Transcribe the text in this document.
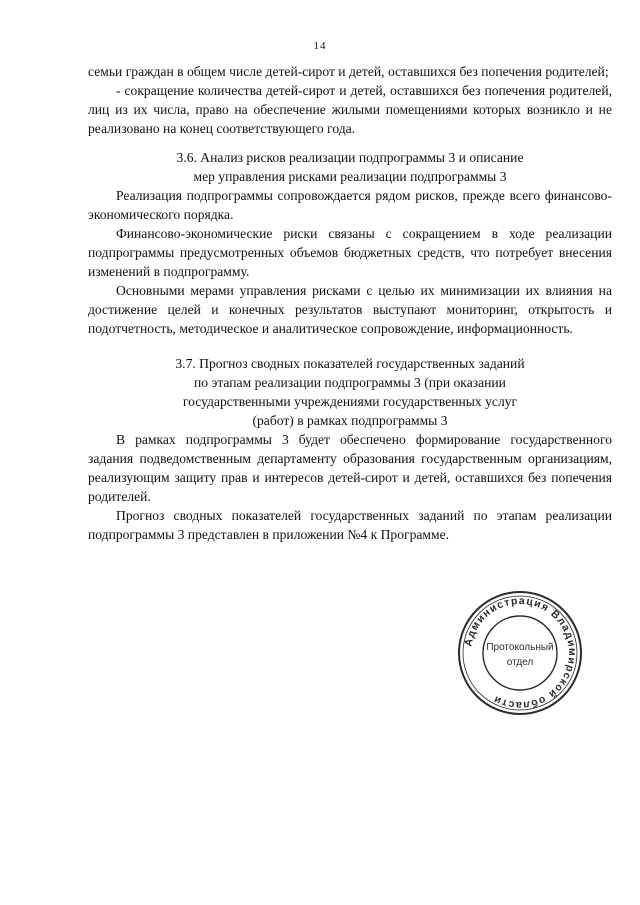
14

семьи граждан в общем числе детей-сирот и детей, оставшихся без попечения родителей;

- сокращение количества детей-сирот и детей, оставшихся без попечения родителей, лиц из их числа, право на обеспечение жилыми помещениями которых возникло и не реализовано на конец соответствующего года.

3.6. Анализ рисков реализации подпрограммы 3 и описание
мер управления рисками реализации подпрограммы 3

Реализация подпрограммы сопровождается рядом рисков, прежде всего финансово-экономического порядка.

Финансово-экономические риски связаны с сокращением в ходе реализации подпрограммы предусмотренных объемов бюджетных средств, что потребует внесения изменений в подпрограмму.

Основными мерами управления рисками с целью их минимизации их влияния на достижение целей и конечных результатов выступают мониторинг, открытость и подотчетность, методическое и аналитическое сопровождение, информационность.

3.7. Прогноз сводных показателей государственных заданий
по этапам реализации подпрограммы 3 (при оказании
государственными учреждениями государственных услуг
(работ) в рамках подпрограммы 3

В рамках подпрограммы 3 будет обеспечено формирование государственного задания подведомственным департаменту образования государственным организациям, реализующим защиту прав и интересов детей-сирот и детей, оставшихся без попечения родителей.

Прогноз сводных показателей государственных заданий по этапам реализации подпрограммы 3 представлен в приложении №4 к Программе.

Администрация Владимирской области
Протокольный
отдел
